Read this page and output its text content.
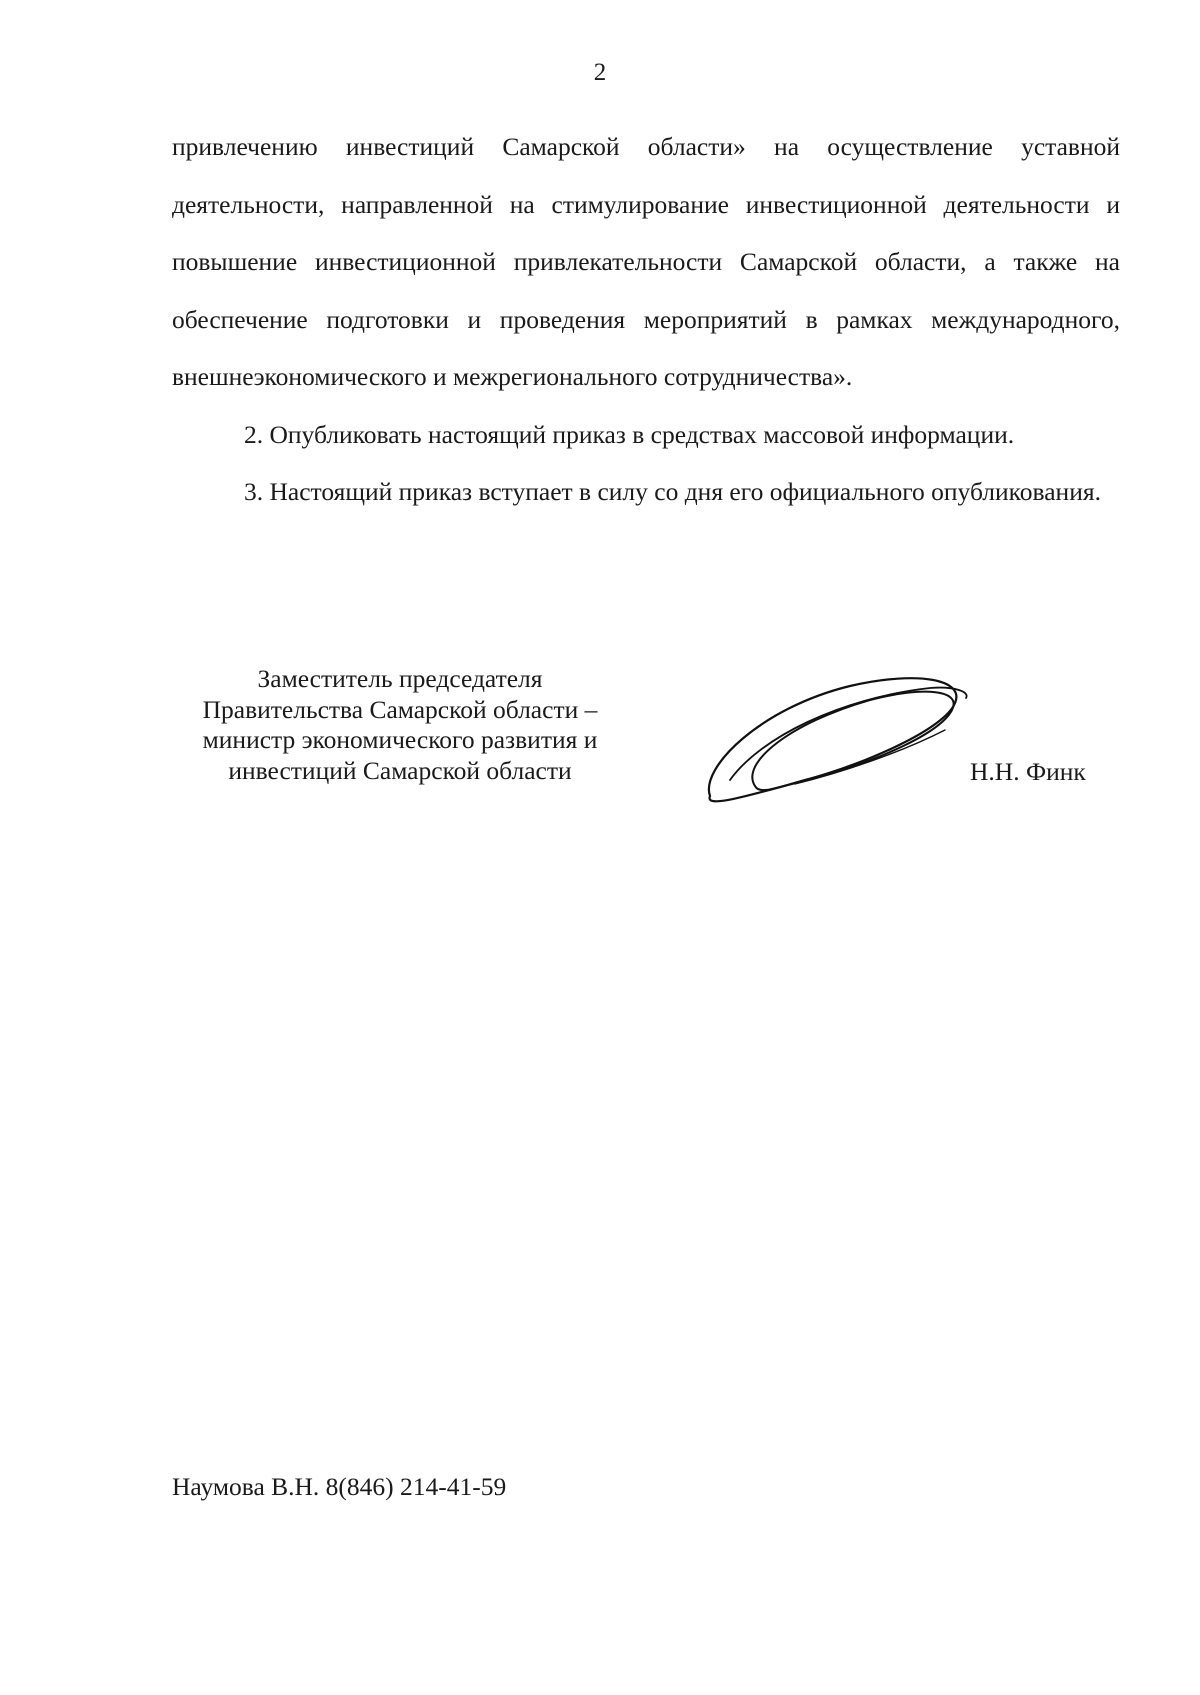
2

привлечению инвестиций Самарской области» на осуществление уставной деятельности, направленной на стимулирование инвестиционной деятельности и повышение инвестиционной привлекательности Самарской области, а также на обеспечение подготовки и проведения мероприятий в рамках международного, внешнеэкономического и межрегионального сотрудничества».

2. Опубликовать настоящий приказ в средствах массовой информации.

3. Настоящий приказ вступает в силу со дня его официального опубликования.

Заместитель председателя
Правительства Самарской области –
министр экономического развития и
инвестиций Самарской области	Н.Н. Финк
Наумова В.Н. 8(846) 214-41-59
